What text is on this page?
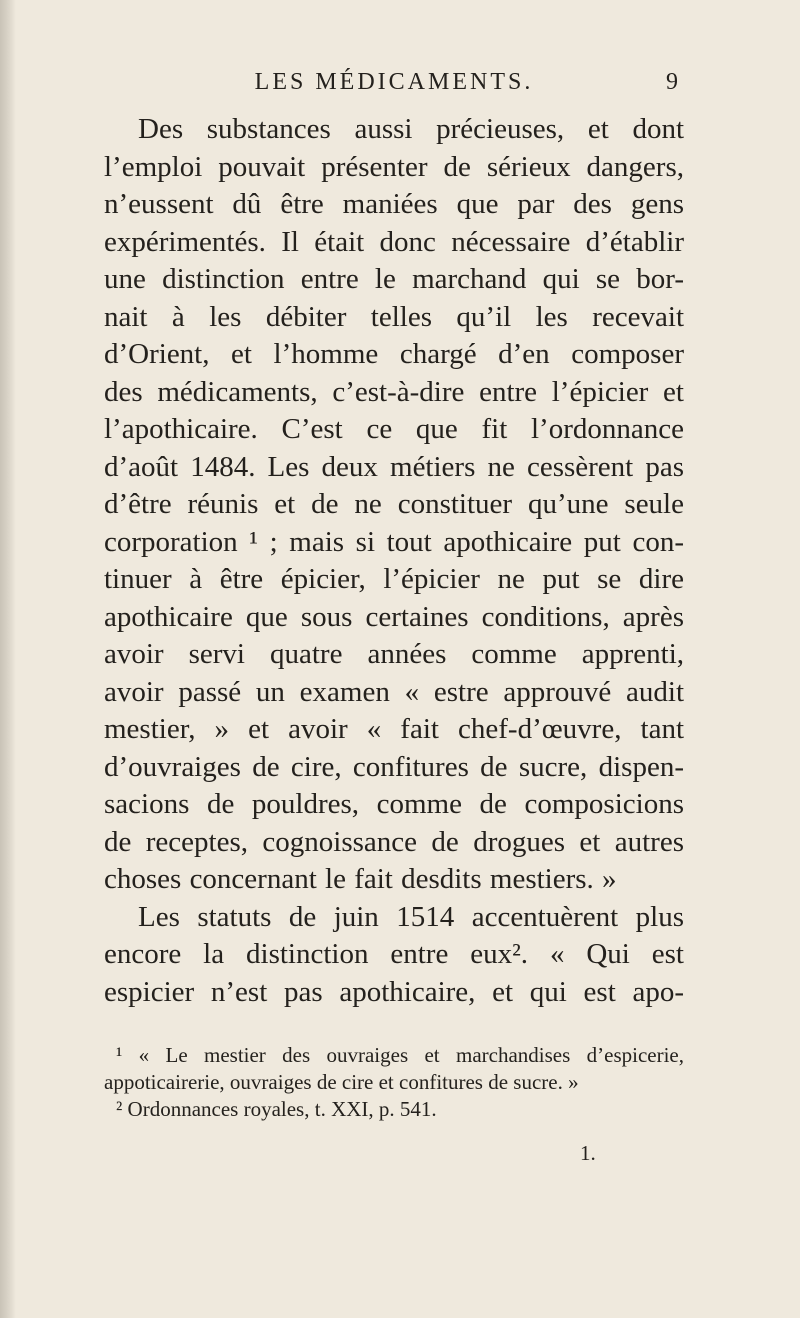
LES MÉDICAMENTS.	9
Des substances aussi précieuses, et dont
l’emploi pouvait présenter de sérieux dangers,
n’eussent dû être maniées que par des gens
expérimentés. Il était donc nécessaire d’établir
une distinction entre le marchand qui se bor-
nait à les débiter telles qu’il les recevait
d’Orient, et l’homme chargé d’en composer
des médicaments, c’est-à-dire entre l’épicier et
l’apothicaire. C’est ce que fit l’ordonnance
d’août 1484. Les deux métiers ne cessèrent pas
d’être réunis et de ne constituer qu’une seule
corporation ¹ ; mais si tout apothicaire put con-
tinuer à être épicier, l’épicier ne put se dire
apothicaire que sous certaines conditions, après
avoir servi quatre années comme apprenti,
avoir passé un examen « estre approuvé audit
mestier, » et avoir « fait chef-d’œuvre, tant
d’ouvraiges de cire, confitures de sucre, dispen-
sacions de pouldres, comme de composicions
de receptes, cognoissance de drogues et autres
choses concernant le fait desdits mestiers. »
Les statuts de juin 1514 accentuèrent plus
encore la distinction entre eux². « Qui est
espicier n’est pas apothicaire, et qui est apo-
¹ « Le mestier des ouvraiges et marchandises d’espicerie,
appoticairerie, ouvraiges de cire et confitures de sucre. »
² Ordonnances royales, t. XXI, p. 541.
1.
